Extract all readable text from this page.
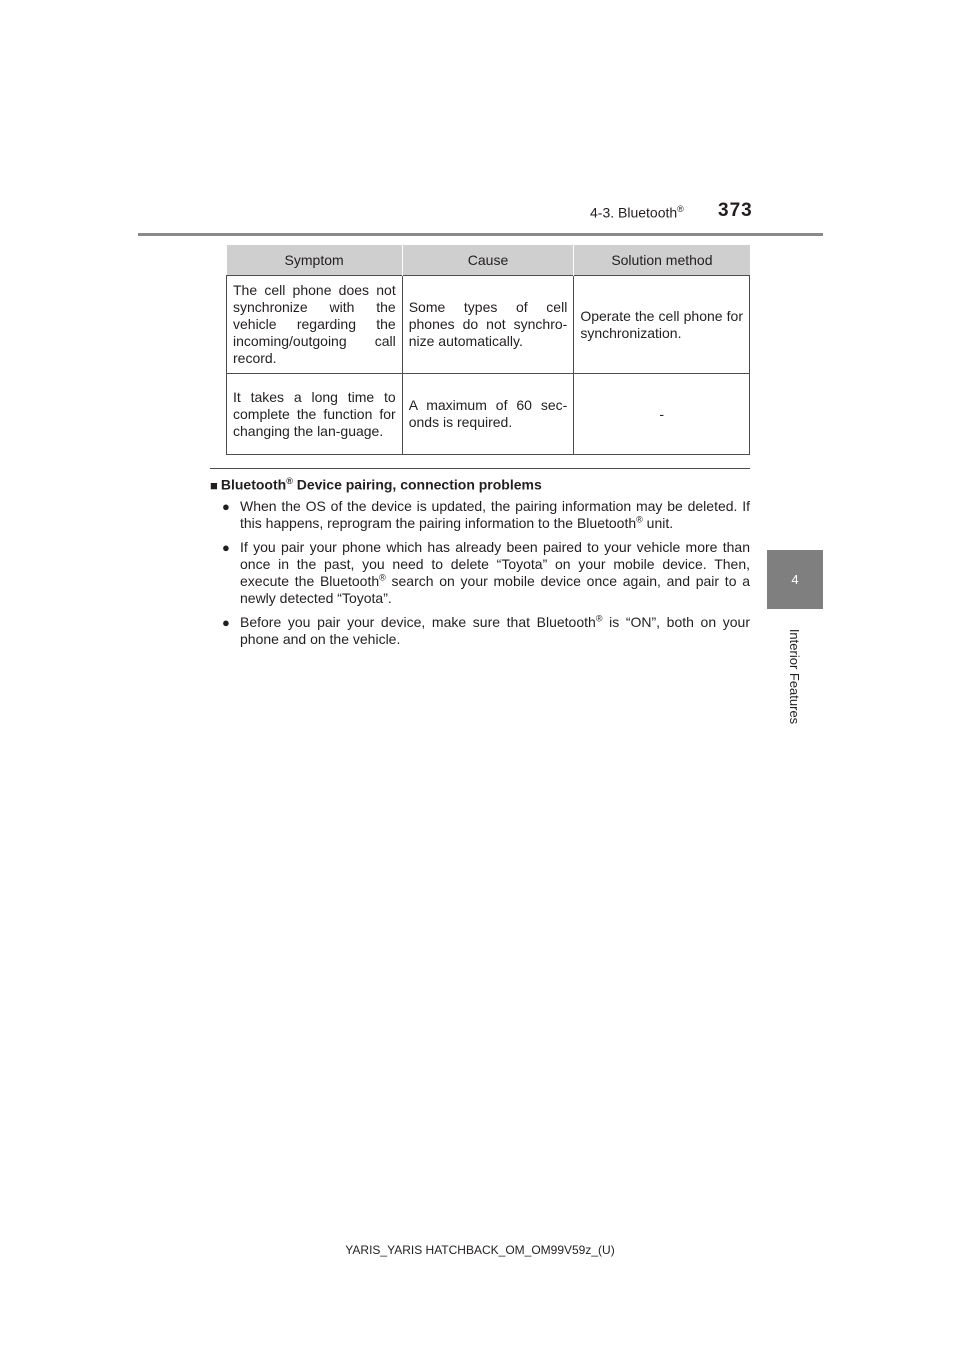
4-3. Bluetooth® 373
4
Interior Features
Symptom	Cause	Solution method
The cell phone does not synchronize with the vehicle regarding the incoming/outgoing call record.	Some types of cell phones do not synchro-nize automatically.	Operate the cell phone for synchronization.
It takes a long time to complete the function for changing the lan-guage.	A maximum of 60 sec-onds is required.	-
■ Bluetooth® Device pairing, connection problems
● When the OS of the device is updated, the pairing information may be deleted. If this happens, reprogram the pairing information to the Bluetooth® unit.
● If you pair your phone which has already been paired to your vehicle more than once in the past, you need to delete “Toyota” on your mobile device. Then, execute the Bluetooth® search on your mobile device once again, and pair to a newly detected “Toyota”.
● Before you pair your device, make sure that Bluetooth® is “ON”, both on your phone and on the vehicle.
YARIS_YARIS HATCHBACK_OM_OM99V59z_(U)
